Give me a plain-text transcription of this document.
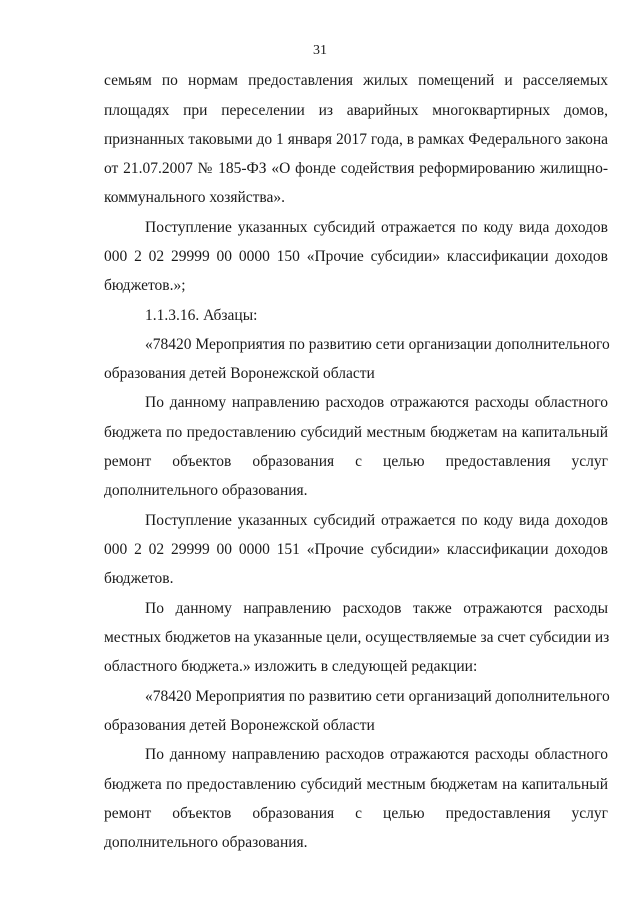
31
семьям по нормам предоставления жилых помещений и расселяемых
площадях при переселении из аварийных многоквартирных домов,
признанных таковыми до 1 января 2017 года, в рамках Федерального закона
от 21.07.2007 № 185-ФЗ «О фонде содействия реформированию жилищно-
коммунального хозяйства».
Поступление указанных субсидий отражается по коду вида доходов
000 2 02 29999 00 0000 150 «Прочие субсидии» классификации доходов
бюджетов.»;
1.1.3.16. Абзацы:
«78420 Мероприятия по развитию сети организации дополнительного
образования детей Воронежской области
По данному направлению расходов отражаются расходы областного
бюджета по предоставлению субсидий местным бюджетам на капитальный
ремонт объектов образования с целью предоставления услуг
дополнительного образования.
Поступление указанных субсидий отражается по коду вида доходов
000 2 02 29999 00 0000 151 «Прочие субсидии» классификации доходов
бюджетов.
По данному направлению расходов также отражаются расходы
местных бюджетов на указанные цели, осуществляемые за счет субсидии из
областного бюджета.» изложить в следующей редакции:
«78420 Мероприятия по развитию сети организаций дополнительного
образования детей Воронежской области
По данному направлению расходов отражаются расходы областного
бюджета по предоставлению субсидий местным бюджетам на капитальный
ремонт объектов образования с целью предоставления услуг
дополнительного образования.
